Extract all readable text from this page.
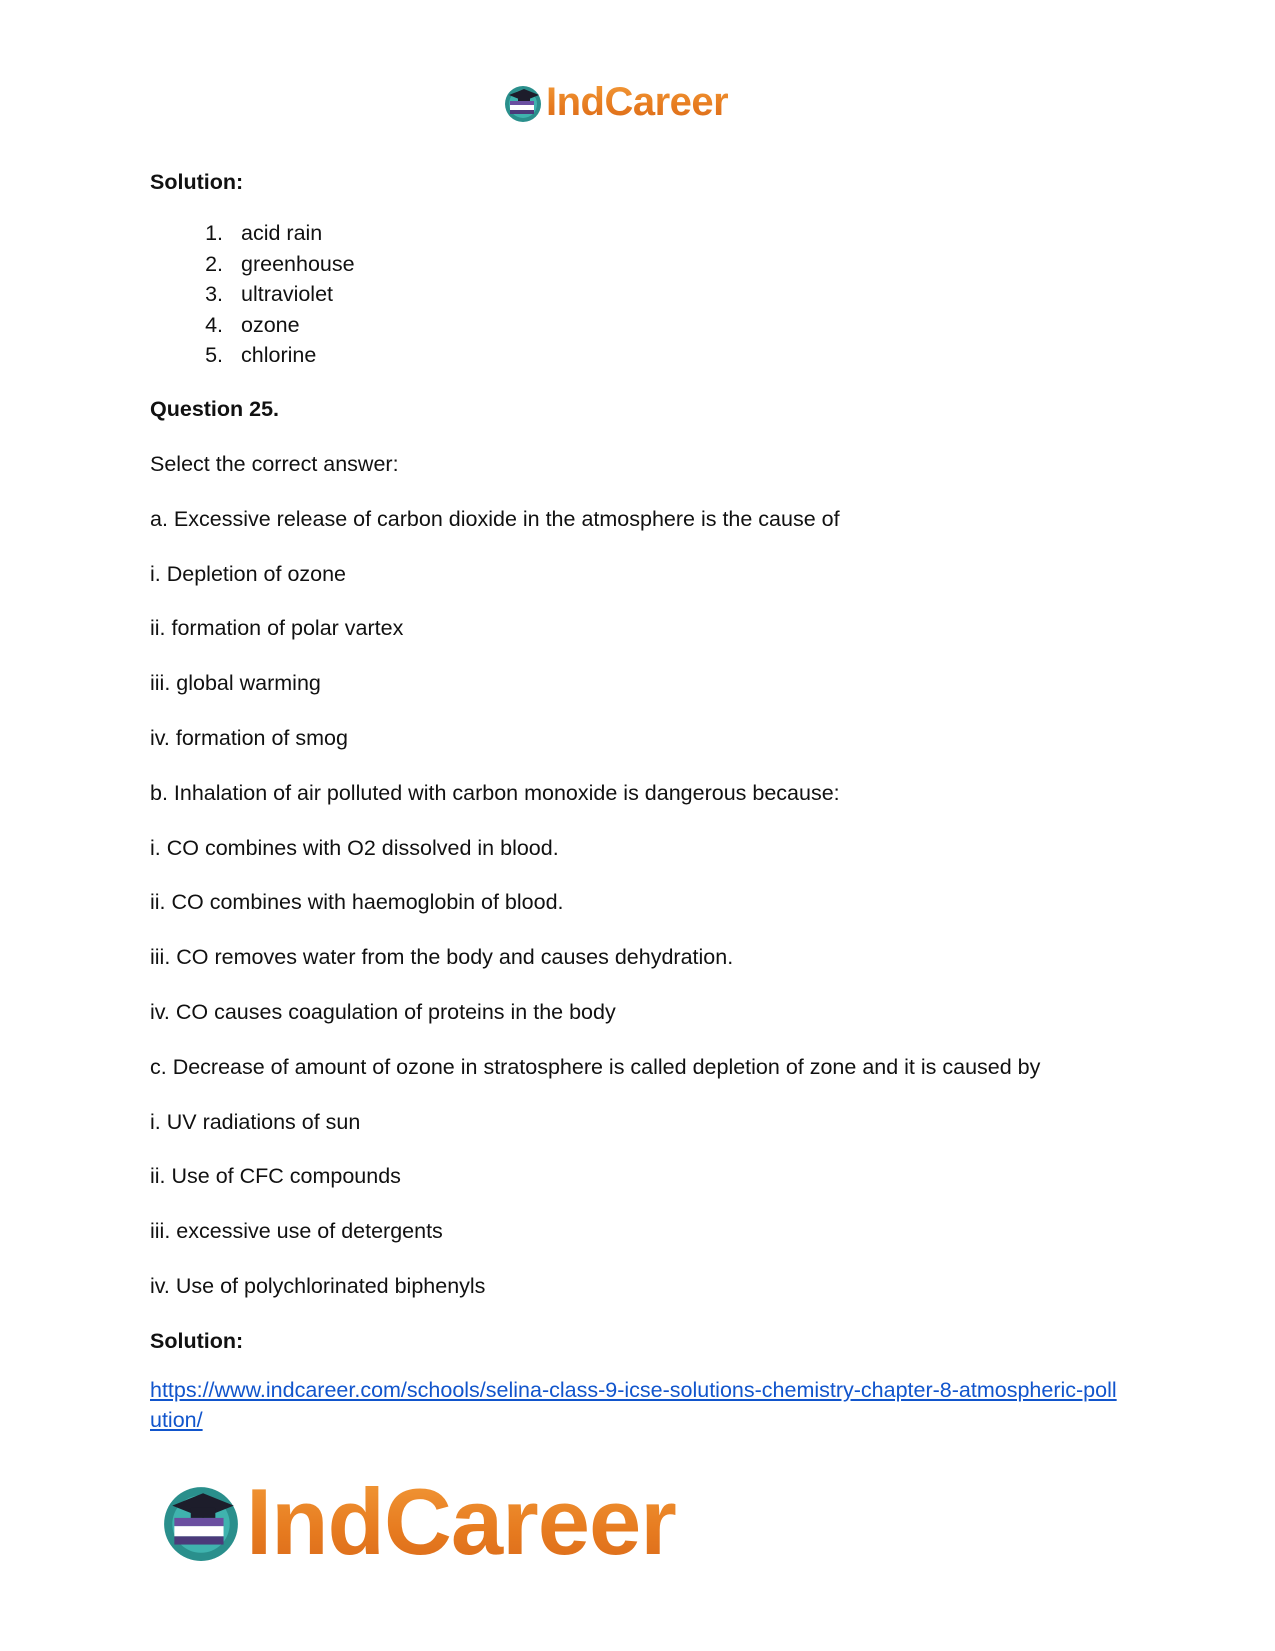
IndCareer

Solution:

1. acid rain
2. greenhouse
3. ultraviolet
4. ozone
5. chlorine

Question 25.

Select the correct answer:

a. Excessive release of carbon dioxide in the atmosphere is the cause of

i. Depletion of ozone

ii. formation of polar vartex

iii. global warming

iv. formation of smog

b. Inhalation of air polluted with carbon monoxide is dangerous because:

i. CO combines with O2 dissolved in blood.

ii. CO combines with haemoglobin of blood.

iii. CO removes water from the body and causes dehydration.

iv. CO causes coagulation of proteins in the body

c. Decrease of amount of ozone in stratosphere is called depletion of zone and it is caused by

i. UV radiations of sun

ii. Use of CFC compounds

iii. excessive use of detergents

iv. Use of polychlorinated biphenyls

Solution:

https://www.indcareer.com/schools/selina-class-9-icse-solutions-chemistry-chapter-8-atmospheric-pollution/
IndCareer
